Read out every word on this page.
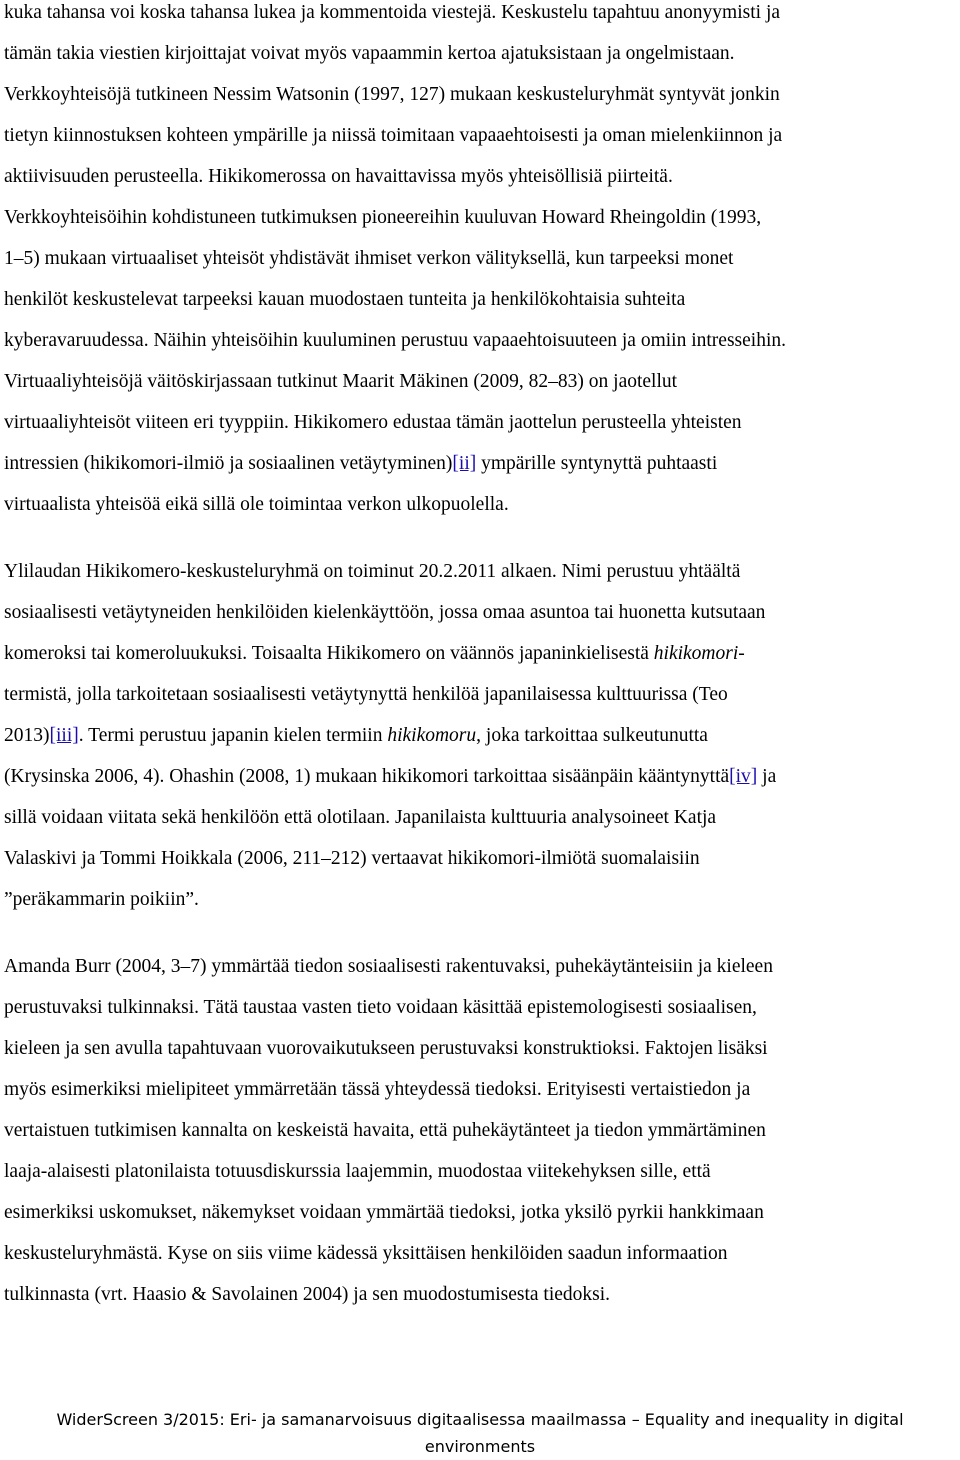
kuka tahansa voi koska tahansa lukea ja kommentoida viestejä. Keskustelu tapahtuu anonyymisti ja
tämän takia viestien kirjoittajat voivat myös vapaammin kertoa ajatuksistaan ja ongelmistaan.
Verkkoyhteisöjä tutkineen Nessim Watsonin (1997, 127) mukaan keskusteluryhmät syntyvät jonkin
tietyn kiinnostuksen kohteen ympärille ja niissä toimitaan vapaaehtoisesti ja oman mielenkiinnon ja
aktiivisuuden perusteella. Hikikomerossa on havaittavissa myös yhteisöllisiä piirteitä.
Verkkoyhteisöihin kohdistuneen tutkimuksen pioneereihin kuuluvan Howard Rheingoldin (1993,
1–5) mukaan virtuaaliset yhteisöt yhdistävät ihmiset verkon välityksellä, kun tarpeeksi monet
henkilöt keskustelevat tarpeeksi kauan muodostaen tunteita ja henkilökohtaisia suhteita
kyberavaruudessa. Näihin yhteisöihin kuuluminen perustuu vapaaehtoisuuteen ja omiin intresseihin.
Virtuaaliyhteisöjä väitöskirjassaan tutkinut Maarit Mäkinen (2009, 82–83) on jaotellut
virtuaaliyhteisöt viiteen eri tyyppiin. Hikikomero edustaa tämän jaottelun perusteella yhteisten
intressien (hikikomori-ilmiö ja sosiaalinen vetäytyminen)[ii] ympärille syntynyttä puhtaasti
virtuaalista yhteisöä eikä sillä ole toimintaa verkon ulkopuolella.

Ylilaudan Hikikomero-keskusteluryhmä on toiminut 20.2.2011 alkaen. Nimi perustuu yhtäältä
sosiaalisesti vetäytyneiden henkilöiden kielenkäyttöön, jossa omaa asuntoa tai huonetta kutsutaan
komeroksi tai komeroluukuksi. Toisaalta Hikikomero on väännös japaninkielisestä hikikomori-
termistä, jolla tarkoitetaan sosiaalisesti vetäytynyttä henkilöä japanilaisessa kulttuurissa (Teo
2013)[iii]. Termi perustuu japanin kielen termiin hikikomoru, joka tarkoittaa sulkeutunutta
(Krysinska 2006, 4). Ohashin (2008, 1) mukaan hikikomori tarkoittaa sisäänpäin kääntynyttä[iv] ja
sillä voidaan viitata sekä henkilöön että olotilaan. Japanilaista kulttuuria analysoineet Katja
Valaskivi ja Tommi Hoikkala (2006, 211–212) vertaavat hikikomori-ilmiötä suomalaisiin
”peräkammarin poikiin”.

Amanda Burr (2004, 3–7) ymmärtää tiedon sosiaalisesti rakentuvaksi, puhekäytänteisiin ja kieleen
perustuvaksi tulkinnaksi. Tätä taustaa vasten tieto voidaan käsittää epistemologisesti sosiaalisen,
kieleen ja sen avulla tapahtuvaan vuorovaikutukseen perustuvaksi konstruktioksi. Faktojen lisäksi
myös esimerkiksi mielipiteet ymmärretään tässä yhteydessä tiedoksi. Erityisesti vertaistiedon ja
vertaistuen tutkimisen kannalta on keskeistä havaita, että puhekäytänteet ja tiedon ymmärtäminen
laaja-alaisesti platonilaista totuusdiskurssia laajemmin, muodostaa viitekehyksen sille, että
esimerkiksi uskomukset, näkemykset voidaan ymmärtää tiedoksi, jotka yksilö pyrkii hankkimaan
keskusteluryhmästä. Kyse on siis viime kädessä yksittäisen henkilöiden saadun informaation
tulkinnasta (vrt. Haasio & Savolainen 2004) ja sen muodostumisesta tiedoksi.

WiderScreen 3/2015: Eri- ja samanarvoisuus digitaalisessa maailmassa – Equality and inequality in digital
environments
